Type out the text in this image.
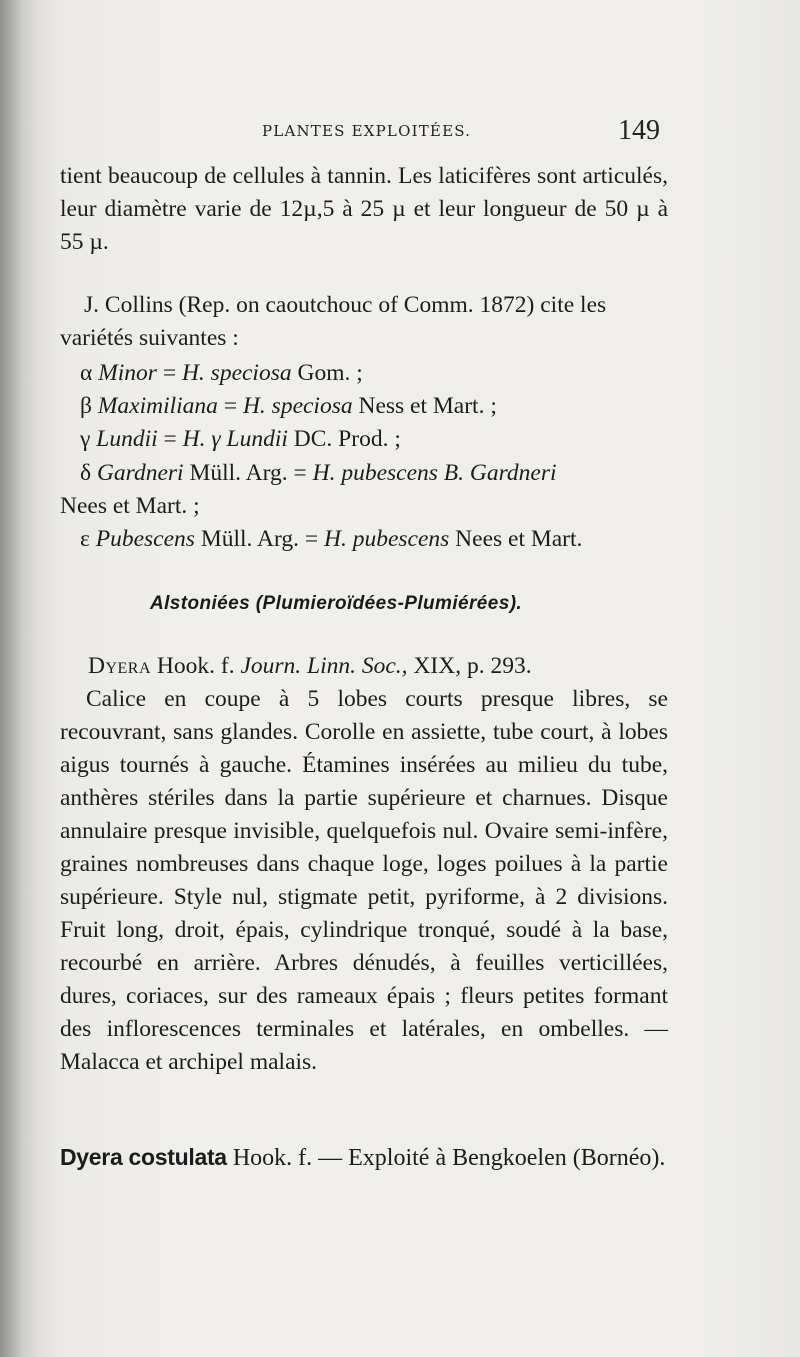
PLANTES EXPLOITÉES.	149
tient beaucoup de cellules à tannin. Les laticifères sont articulés, leur diamètre varie de 12µ,5 à 25 µ et leur longueur de 50 µ à 55 µ.
J. Collins (Rep. on caoutchouc of Comm. 1872) cite les
variétés suivantes :
α Minor = H. speciosa Gom. ;
β Maximiliana = H. speciosa Ness et Mart. ;
γ Lundii = H. γ Lundii DC. Prod. ;
δ Gardneri Müll. Arg. = H. pubescens B. Gardneri
Nees et Mart. ;
ε Pubescens Müll. Arg. = H. pubescens Nees et Mart.
Alstoniées (Plumieroïdées-Plumiérées).
Dyera Hook. f. Journ. Linn. Soc., XIX, p. 293.
Calice en coupe à 5 lobes courts presque libres, se recouvrant, sans glandes. Corolle en assiette, tube court, à lobes aigus tournés à gauche. Étamines insérées au milieu du tube, anthères stériles dans la partie supérieure et charnues. Disque annulaire presque invisible, quelquefois nul. Ovaire semi-infère, graines nombreuses dans chaque loge, loges poilues à la partie supérieure. Style nul, stigmate petit, pyriforme, à 2 divisions. Fruit long, droit, épais, cylindrique tronqué, soudé à la base, recourbé en arrière. Arbres dénudés, à feuilles verticillées, dures, coriaces, sur des rameaux épais ; fleurs petites formant des inflorescences terminales et latérales, en ombelles. — Malacca et archipel malais.
Dyera costulata Hook. f. — Exploité à Bengkoelen (Bornéo).
